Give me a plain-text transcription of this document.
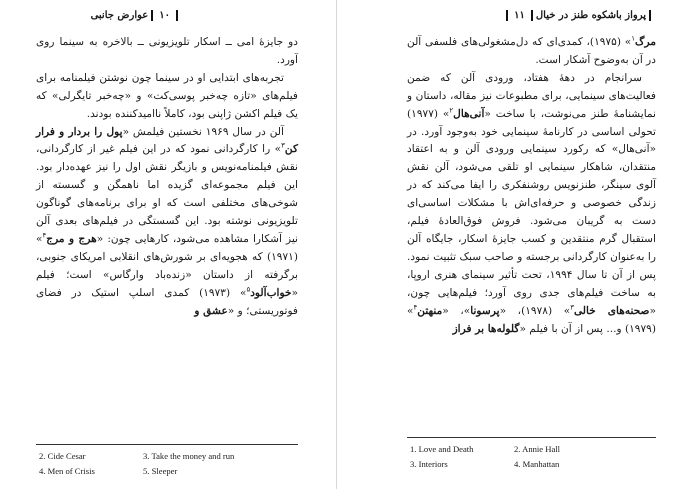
۱۰
عوارض جانبی

دو جایزهٔ امی ــ اسکار تلویزیونی ــ بالاخره به سینما روی آورد.

تجربه‌های ابتدایی او در سینما چون نوشتن فیلمنامه برای فیلم‌های «تازه چه‌خبر پوسی‌کت» و «چه‌خبر تایگرلی» که یک فیلم اکشن ژاپنی بود، کاملاً ناامیدکننده بودند.

آلن در سال ۱۹۶۹ نخستین فیلمش «پول‌ را بردار و فرار کن$^۳$» را کارگردانی نمود که در این فیلم غیر از کارگردانی، نقش فیلمنامه‌نویس و بازیگر نقش اول را نیز عهده‌دار بود. این فیلم مجموعه‌ای گزیده اما ناهمگن و گسسته از شوخی‌های مختلفی است که او برای برنامه‌های گوناگون تلویزیونی نوشته بود. این گسستگی در فیلم‌های بعدی آلن نیز آشکارا مشاهده می‌شود، کارهایی چون: «هرج و مرج$^۴$» (۱۹۷۱) که هجویه‌ای بر شورش‌های انقلابی امریکای جنوبی، برگرفته از داستان «زنده‌باد وارگاس» است؛ فیلم «خواب‌آلود$^۵$» (۱۹۷۳) کمدی اسلپ استیک در فضای فوتوریستی؛ و «عشق و

2. Cide Cesar	3. Take the money and run
4. Men of Crisis	5. Sleeper
پرواز باشکوه طنز در خیال
۱۱

مرگ$^۱$» (۱۹۷۵)، کمدی‌ای که دل‌مشغولی‌های فلسفی آلن در آن به‌وضوح آشکار است.

سرانجام در دههٔ هفتاد، ورودی آلن که ضمن فعالیت‌های سینمایی، برای مطبوعات نیز مقاله، داستان و نمایشنامهٔ طنز می‌نوشت، با ساخت «آنی‌هال$^۲$» (۱۹۷۷) تحولی اساسی در کارنامهٔ سینمایی خود به‌وجود آورد. در «آنی‌هال» که رکورد سینمایی ورودی آلن و به اعتقاد منتقدان، شاهکار سینمایی او تلقی می‌شود، آلن نقش آلوی سینگر، طنزنویس روشنفکری را ایفا می‌کند که در زندگی خصوصی و حرفه‌ای‌اش با مشکلات اساسی‌ای دست به گریبان می‌شود. فروش فوق‌العادهٔ فیلم، استقبال گرم منتقدین و کسب جایزهٔ اسکار، جایگاه آلن را به‌عنوان کارگردانی برجسته و صاحب سبک تثبیت نمود. پس از آن تا سال ۱۹۹۴، تحت تأثیر سینمای هنری اروپا، به ساخت فیلم‌های جدی روی آورد؛ فیلم‌هایی چون، «صحنه‌های خالی$^۳$» (۱۹۷۸)، «پرسونا»، «منهتن$^۴$» (۱۹۷۹) و... پس از آن با فیلم «گلوله‌ها بر فراز

1. Love and Death	2. Annie Hall
3. Interiors	4. Manhattan
